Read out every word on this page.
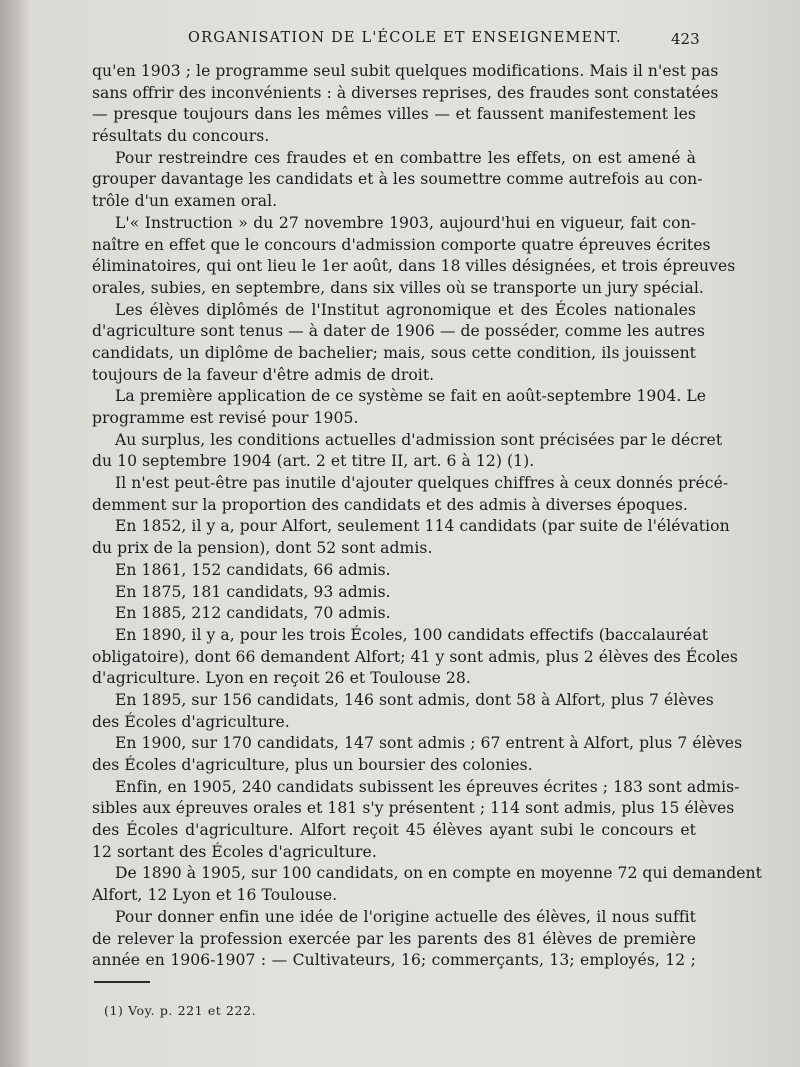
ORGANISATION DE L'ÉCOLE ET ENSEIGNEMENT.	423
qu'en 1903 ; le programme seul subit quelques modifications. Mais il n'est pas
sans offrir des inconvénients : à diverses reprises, des fraudes sont constatées
— presque toujours dans les mêmes villes — et faussent manifestement les
résultats du concours.
Pour restreindre ces fraudes et en combattre les effets, on est amené à
grouper davantage les candidats et à les soumettre comme autrefois au con-
trôle d'un examen oral.
L'« Instruction » du 27 novembre 1903, aujourd'hui en vigueur, fait con-
naître en effet que le concours d'admission comporte quatre épreuves écrites
éliminatoires, qui ont lieu le 1er août, dans 18 villes désignées, et trois épreuves
orales, subies, en septembre, dans six villes où se transporte un jury spécial.
Les élèves diplômés de l'Institut agronomique et des Écoles nationales
d'agriculture sont tenus — à dater de 1906 — de posséder, comme les autres
candidats, un diplôme de bachelier; mais, sous cette condition, ils jouissent
toujours de la faveur d'être admis de droit.
La première application de ce système se fait en août-septembre 1904. Le
programme est revisé pour 1905.
Au surplus, les conditions actuelles d'admission sont précisées par le décret
du 10 septembre 1904 (art. 2 et titre II, art. 6 à 12) (1).
Il n'est peut-être pas inutile d'ajouter quelques chiffres à ceux donnés précé-
demment sur la proportion des candidats et des admis à diverses époques.
En 1852, il y a, pour Alfort, seulement 114 candidats (par suite de l'élévation
du prix de la pension), dont 52 sont admis.
En 1861, 152 candidats, 66 admis.
En 1875, 181 candidats, 93 admis.
En 1885, 212 candidats, 70 admis.
En 1890, il y a, pour les trois Écoles, 100 candidats effectifs (baccalauréat
obligatoire), dont 66 demandent Alfort; 41 y sont admis, plus 2 élèves des Écoles
d'agriculture. Lyon en reçoit 26 et Toulouse 28.
En 1895, sur 156 candidats, 146 sont admis, dont 58 à Alfort, plus 7 élèves
des Écoles d'agriculture.
En 1900, sur 170 candidats, 147 sont admis ; 67 entrent à Alfort, plus 7 élèves
des Écoles d'agriculture, plus un boursier des colonies.
Enfin, en 1905, 240 candidats subissent les épreuves écrites ; 183 sont admis-
sibles aux épreuves orales et 181 s'y présentent ; 114 sont admis, plus 15 élèves
des Écoles d'agriculture. Alfort reçoit 45 élèves ayant subi le concours et
12 sortant des Écoles d'agriculture.
De 1890 à 1905, sur 100 candidats, on en compte en moyenne 72 qui demandent
Alfort, 12 Lyon et 16 Toulouse.
Pour donner enfin une idée de l'origine actuelle des élèves, il nous suffit
de relever la profession exercée par les parents des 81 élèves de première
année en 1906-1907 : — Cultivateurs, 16; commerçants, 13; employés, 12 ;
(1) Voy. p. 221 et 222.
